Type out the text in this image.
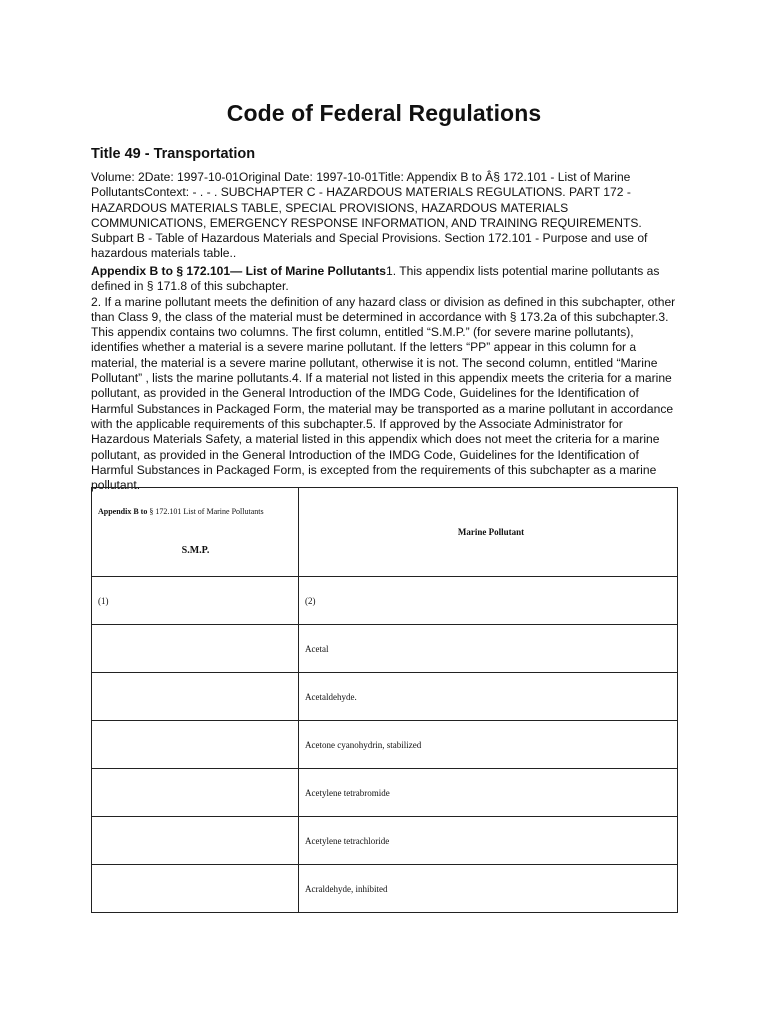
Code of Federal Regulations
Title 49 - Transportation

Volume: 2Date: 1997-10-01Original Date: 1997-10-01Title: Appendix B to Â§ 172.101 - List of Marine PollutantsContext: - . - . SUBCHAPTER C - HAZARDOUS MATERIALS REGULATIONS. PART 172 - HAZARDOUS MATERIALS TABLE, SPECIAL PROVISIONS, HAZARDOUS MATERIALS COMMUNICATIONS, EMERGENCY RESPONSE INFORMATION, AND TRAINING REQUIREMENTS. Subpart B - Table of Hazardous Materials and Special Provisions. Section 172.101 - Purpose and use of hazardous materials table..

Appendix B to § 172.101— List of Marine Pollutants1. This appendix lists potential marine pollutants as defined in § 171.8 of this subchapter.
2. If a marine pollutant meets the definition of any hazard class or division as defined in this subchapter, other than Class 9, the class of the material must be determined in accordance with § 173.2a of this subchapter.3. This appendix contains two columns. The first column, entitled “S.M.P.” (for severe marine pollutants), identifies whether a material is a severe marine pollutant. If the letters “PP” appear in this column for a material, the material is a severe marine pollutant, otherwise it is not. The second column, entitled “Marine Pollutant” , lists the marine pollutants.4. If a material not listed in this appendix meets the criteria for a marine pollutant, as provided in the General Introduction of the IMDG Code, Guidelines for the Identification of Harmful Substances in Packaged Form, the material may be transported as a marine pollutant in accordance with the applicable requirements of this subchapter.5. If approved by the Associate Administrator for Hazardous Materials Safety, a material listed in this appendix which does not meet the criteria for a marine pollutant, as provided in the General Introduction of the IMDG Code, Guidelines for the Identification of Harmful Substances in Packaged Form, is excepted from the requirements of this subchapter as a marine pollutant.
Appendix B to § 172.101 List of Marine Pollutants
S.M.P.	Marine Pollutant
(1)	(2)
	Acetal
	Acetaldehyde.
	Acetone cyanohydrin, stabilized
	Acetylene tetrabromide
	Acetylene tetrachloride
	Acraldehyde, inhibited
